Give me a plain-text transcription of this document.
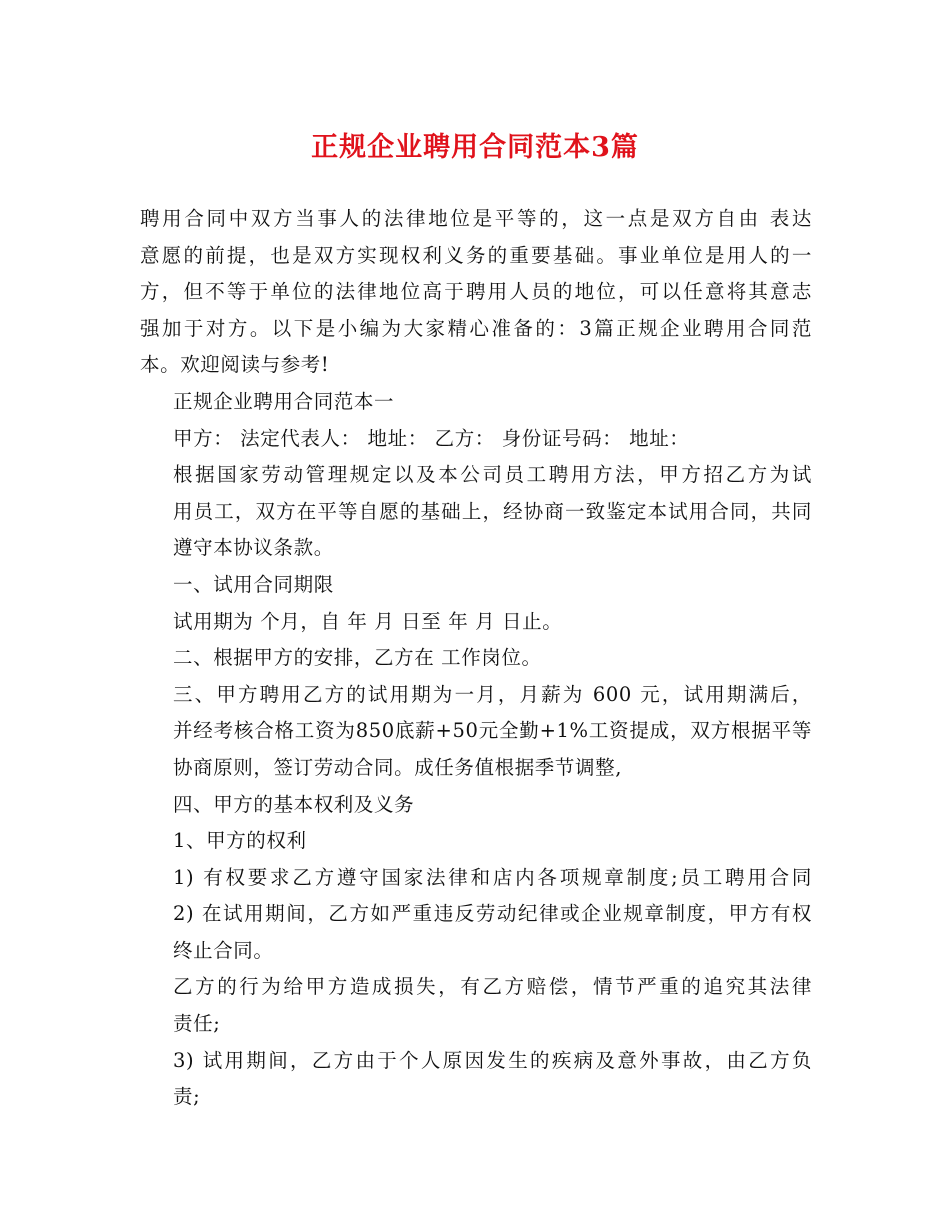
正规企业聘用合同范本3篇
聘用合同中双方当事人的法律地位是平等的，这一点是双方自由 表达
意愿的前提，也是双方实现权利义务的重要基础。事业单位是用人的一
方，但不等于单位的法律地位高于聘用人员的地位，可以任意将其意志
强加于对方。以下是小编为大家精心准备的：3篇正规企业聘用合同范
本。欢迎阅读与参考!
正规企业聘用合同范本一
甲方： 法定代表人： 地址： 乙方： 身份证号码： 地址：
根据国家劳动管理规定以及本公司员工聘用方法，甲方招乙方为试
用员工，双方在平等自愿的基础上，经协商一致鉴定本试用合同，共同
遵守本协议条款。
一、试用合同期限
试用期为 个月，自 年 月 日至 年 月 日止。
二、根据甲方的安排，乙方在 工作岗位。
三、甲方聘用乙方的试用期为一月，月薪为 600 元，试用期满后，
并经考核合格工资为850底薪+50元全勤+1%工资提成，双方根据平等
协商原则，签订劳动合同。成任务值根据季节调整,
四、甲方的基本权利及义务
1、甲方的权利
1) 有权要求乙方遵守国家法律和店内各项规章制度;员工聘用合同
2) 在试用期间，乙方如严重违反劳动纪律或企业规章制度，甲方有权
终止合同。
乙方的行为给甲方造成损失，有乙方赔偿，情节严重的追究其法律
责任;
3) 试用期间，乙方由于个人原因发生的疾病及意外事故，由乙方负
责;
